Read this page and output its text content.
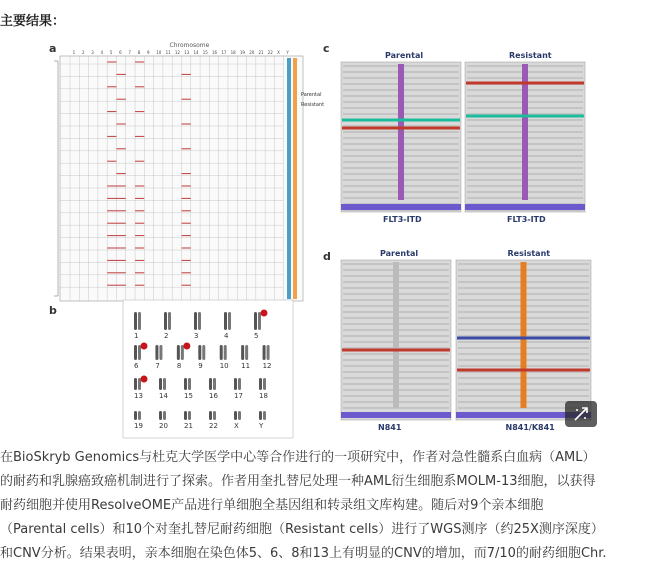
主要结果：
a
b
c
d
Chromosome
1 2 3 4 5 6 7 8 9 10 11 12 13 14 15 16 17 18 19 20 21 22 X Y
Parental
Resistant
1	2	3	4	5
6 7 8 9 10 11 12
13 14 15 16 17 18
19 20 21 22 X	Y
Parental
FLT3-ITD
Resistant
FLT3-ITD
Parental
N841
Resistant
N841/K841

在BioSkryb Genomics与杜克大学医学中心等合作进行的一项研究中，作者对急性髓系白血病（AML）

的耐药和乳腺癌致癌机制进行了探索。作者用奎扎替尼处理一种AML衍生细胞系MOLM-13细胞，以获得

耐药细胞并使用ResolveOME产品进行单细胞全基因组和转录组文库构建。随后对9个亲本细胞

（Parental cells）和10个对奎扎替尼耐药细胞（Resistant cells）进行了WGS测序（约25X测序深度）

和CNV分析。结果表明，亲本细胞在染色体5、6、8和13上有明显的CNV的增加，而7/10的耐药细胞Chr.
